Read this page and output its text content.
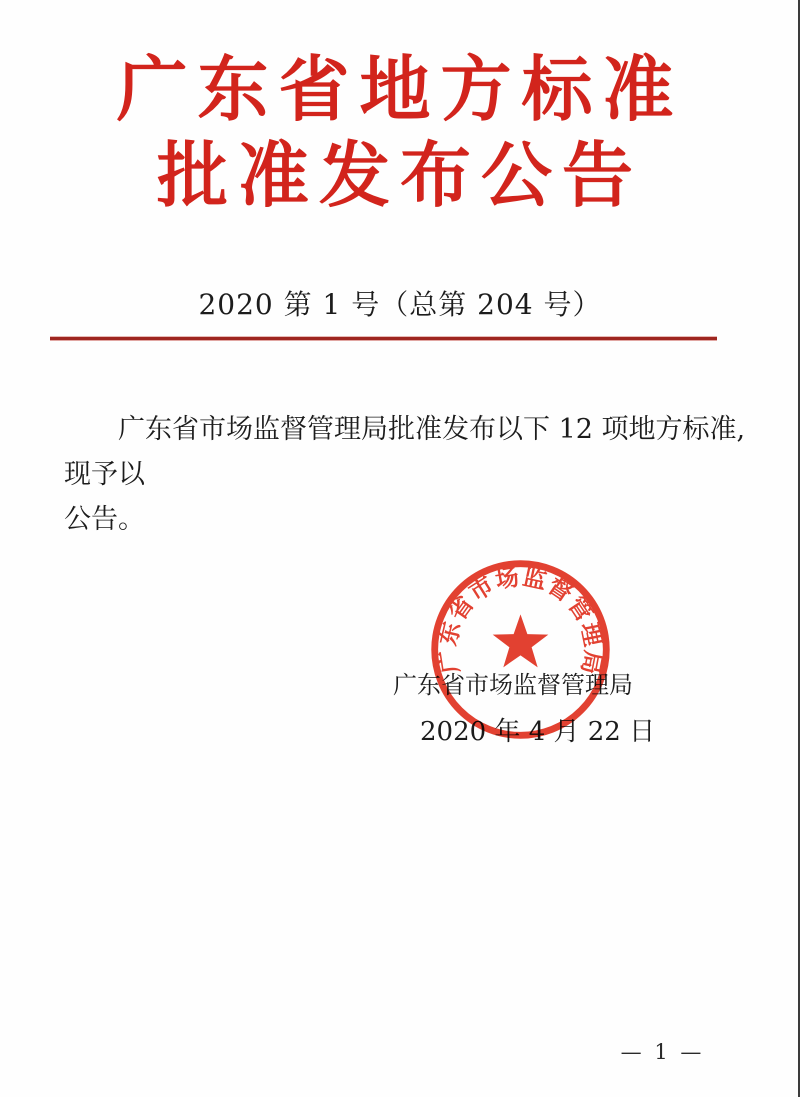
广东省地方标准
批准发布公告
2020 第 1 号（总第 204 号）
广东省市场监督管理局批准发布以下 12 项地方标准, 现予以
公告。
广东省市场监督管理局
2020 年 4 月 22 日
广东省市场监督管理局
— 1 —
